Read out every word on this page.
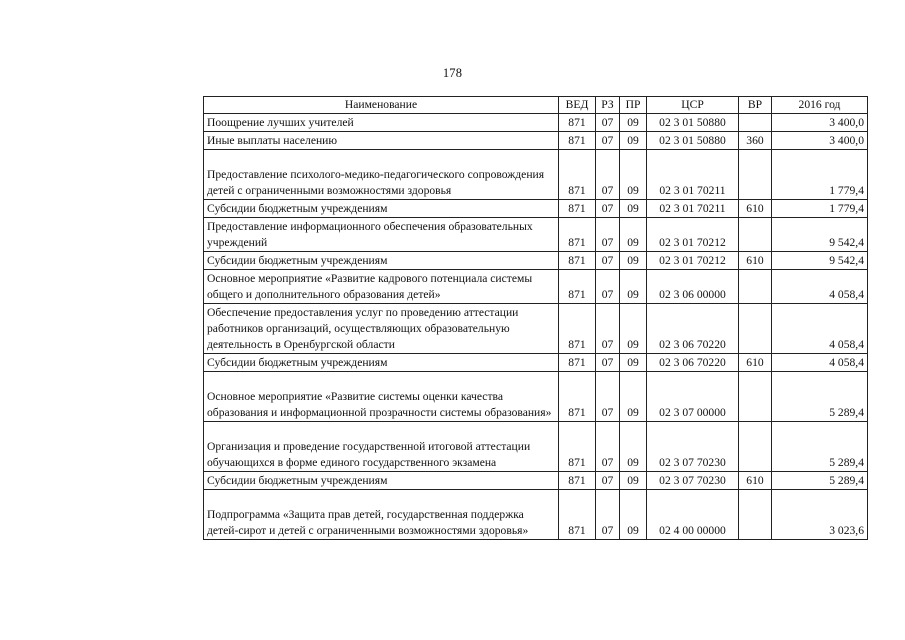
178
Наименование	ВЕД	РЗ	ПР	ЦСР	ВР	2016 год
Поощрение лучших учителей	871	07	09	02 3 01 50880		3 400,0
Иные выплаты населению	871	07	09	02 3 01 50880	360	3 400,0
Предоставление психолого-медико-педагогического сопровождения детей с ограниченными возможностями здоровья	871	07	09	02 3 01 70211		1 779,4
Субсидии бюджетным учреждениям	871	07	09	02 3 01 70211	610	1 779,4
Предоставление информационного обеспечения образовательных учреждений	871	07	09	02 3 01 70212		9 542,4
Субсидии бюджетным учреждениям	871	07	09	02 3 01 70212	610	9 542,4
Основное мероприятие «Развитие кадрового потенциала системы общего и дополнительного образования детей»	871	07	09	02 3 06 00000		4 058,4
Обеспечение предоставления услуг по проведению аттестации работников организаций, осуществляющих образовательную деятельность в Оренбургской области	871	07	09	02 3 06 70220		4 058,4
Субсидии бюджетным учреждениям	871	07	09	02 3 06 70220	610	4 058,4
Основное мероприятие «Развитие системы оценки качества образования и информационной прозрачности системы образования»	871	07	09	02 3 07 00000		5 289,4
Организация и проведение государственной итоговой аттестации обучающихся в форме единого государственного экзамена	871	07	09	02 3 07 70230		5 289,4
Субсидии бюджетным учреждениям	871	07	09	02 3 07 70230	610	5 289,4
Подпрограмма «Защита прав детей, государственная поддержка детей-сирот и детей с ограниченными возможностями здоровья»	871	07	09	02 4 00 00000		3 023,6
